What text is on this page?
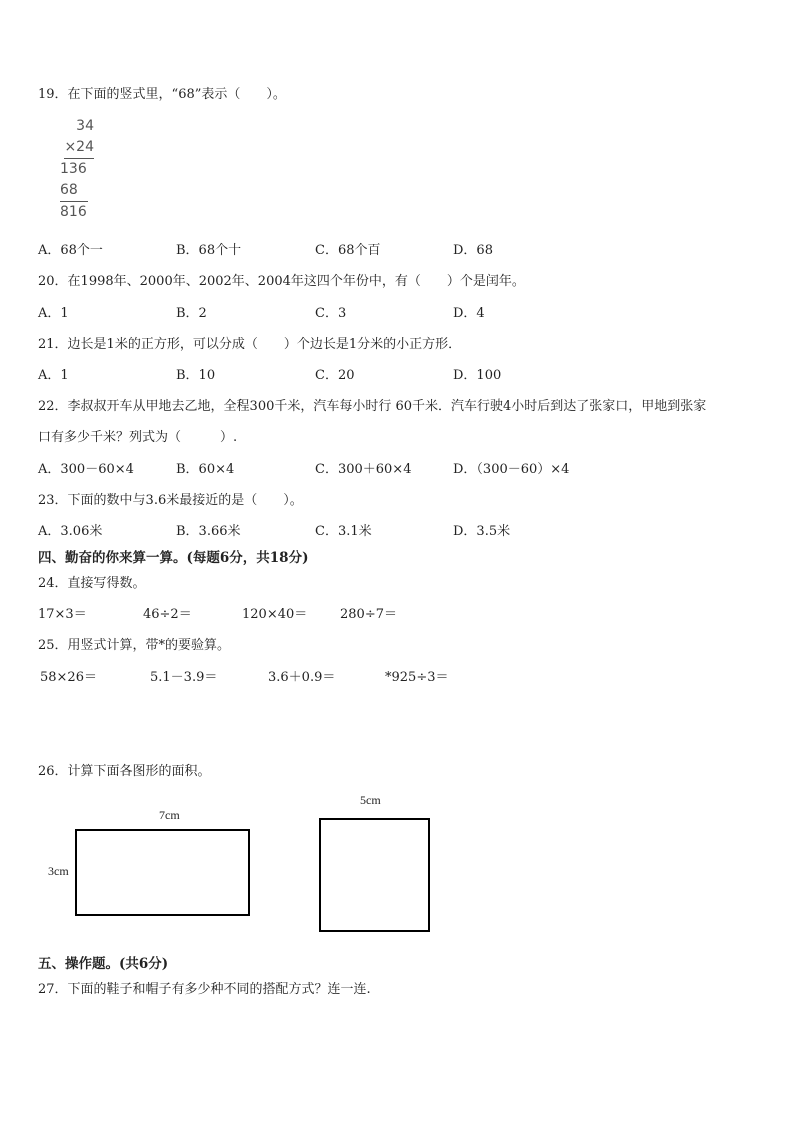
19．在下面的竖式里，“68”表示（　　）。
34
×24
136
68
816
A．68个一	B．68个十	C．68个百	D．68
20．在1998年、2000年、2002年、2004年这四个年份中，有（　　）个是闰年。
A．1	B．2	C．3	D．4
21．边长是1米的正方形，可以分成（　　）个边长是1分米的小正方形．
A．1	B．10	C．20	D．100
22．李叔叔开车从甲地去乙地，全程300千米，汽车每小时行 60千米．汽车行驶4小时后到达了张家口，甲地到张家
口有多少千米？列式为（　　　）.
A．300－60×4	B．60×4	C．300＋60×4	D．（300－60）×4
23．下面的数中与3.6米最接近的是（　　）。
A．3.06米	B．3.66米	C．3.1米	D．3.5米
四、勤奋的你来算一算。(每题6分，共18分)
24．直接写得数。
17×3＝	46÷2＝	120×40＝	280÷7＝
25．用竖式计算，带*的要验算。
58×26＝	5.1－3.9＝	3.6＋0.9＝	*925÷3＝
26．计算下面各图形的面积。
7cm
3cm
5cm
五、操作题。(共6分)
27．下面的鞋子和帽子有多少种不同的搭配方式？连一连.
